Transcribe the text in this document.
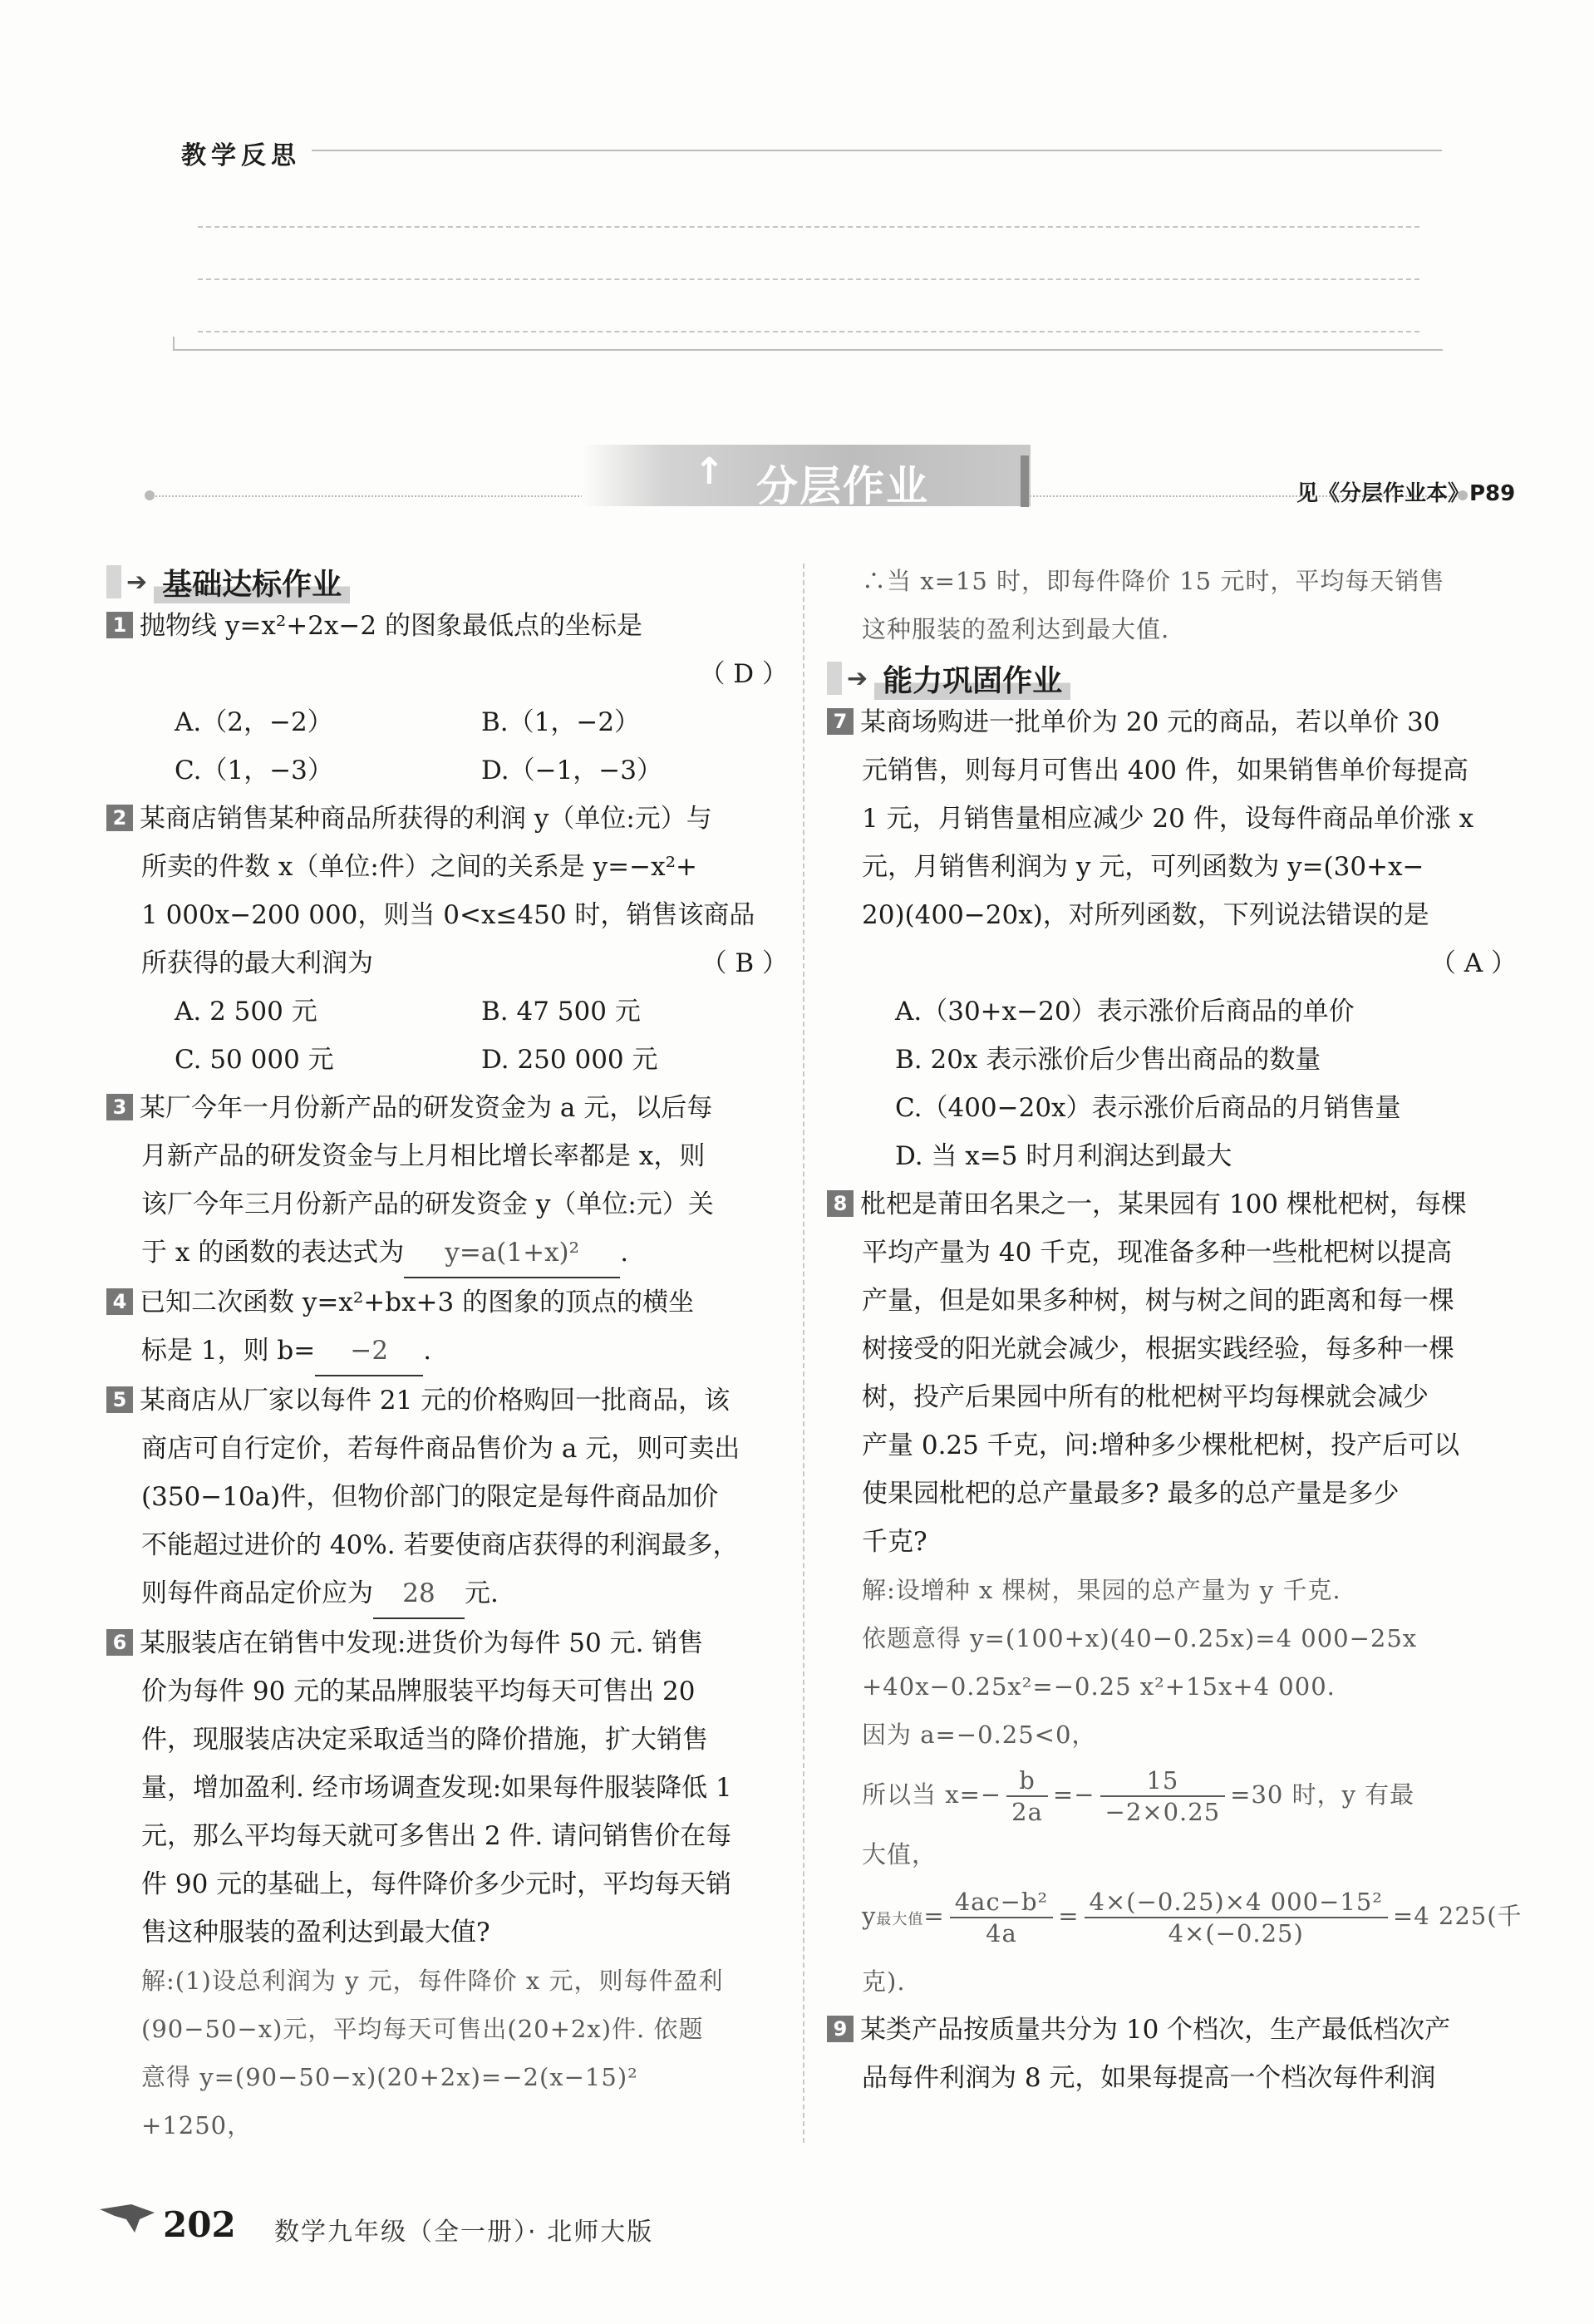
教学反思
↑ 分层作业	见《分层作业本》P89
➔ 基础达标作业
1 抛物线 y=x²+2x−2 的图象最低点的坐标是
（ D ）
A.（2，−2）	B.（1，−2）
C.（1，−3）	D.（−1，−3）
2 某商店销售某种商品所获得的利润 y（单位:元）与
所卖的件数 x（单位:件）之间的关系是 y=−x²+
1 000x−200 000，则当 0<x≤450 时，销售该商品
所获得的最大利润为	（ B ）
A. 2 500 元	B. 47 500 元
C. 50 000 元	D. 250 000 元
3 某厂今年一月份新产品的研发资金为 a 元，以后每
月新产品的研发资金与上月相比增长率都是 x，则
该厂今年三月份新产品的研发资金 y（单位:元）关
于 x 的函数的表达式为 y=a(1+x)² .
4 已知二次函数 y=x²+bx+3 的图象的顶点的横坐
标是 1，则 b= −2 .
5 某商店从厂家以每件 21 元的价格购回一批商品，该
商店可自行定价，若每件商品售价为 a 元，则可卖出
(350−10a)件，但物价部门的限定是每件商品加价
不能超过进价的 40%. 若要使商店获得的利润最多，
则每件商品定价应为 28 元.
6 某服装店在销售中发现:进货价为每件 50 元. 销售
价为每件 90 元的某品牌服装平均每天可售出 20
件，现服装店决定采取适当的降价措施，扩大销售
量，增加盈利. 经市场调查发现:如果每件服装降低 1
元，那么平均每天就可多售出 2 件. 请问销售价在每
件 90 元的基础上，每件降价多少元时，平均每天销
售这种服装的盈利达到最大值?
解:(1)设总利润为 y 元，每件降价 x 元，则每件盈利
(90−50−x)元，平均每天可售出(20+2x)件. 依题
意得 y=(90−50−x)(20+2x)=−2(x−15)²
+1250，
∴当 x=15 时，即每件降价 15 元时，平均每天销售
这种服装的盈利达到最大值.
➔ 能力巩固作业
7 某商场购进一批单价为 20 元的商品，若以单价 30
元销售，则每月可售出 400 件，如果销售单价每提高
1 元，月销售量相应减少 20 件，设每件商品单价涨 x
元，月销售利润为 y 元，可列函数为 y=(30+x−
20)(400−20x)，对所列函数，下列说法错误的是
（ A ）
A.（30+x−20）表示涨价后商品的单价
B. 20x 表示涨价后少售出商品的数量
C.（400−20x）表示涨价后商品的月销售量
D. 当 x=5 时月利润达到最大
8 枇杷是莆田名果之一，某果园有 100 棵枇杷树，每棵
平均产量为 40 千克，现准备多种一些枇杷树以提高
产量，但是如果多种树，树与树之间的距离和每一棵
树接受的阳光就会减少，根据实践经验，每多种一棵
树，投产后果园中所有的枇杷树平均每棵就会减少
产量 0.25 千克，问:增种多少棵枇杷树，投产后可以
使果园枇杷的总产量最多? 最多的总产量是多少
千克?
解:设增种 x 棵树，果园的总产量为 y 千克.
依题意得 y=(100+x)(40−0.25x)=4 000−25x
+40x−0.25x²=−0.25 x²+15x+4 000.
因为 a=−0.25<0，
所以当 $x=- \frac{b}{2a} =- \frac{15}{-2\times 0.25} =30$ 时，y 有最
大值，
y最大值= $\frac{\text{4ac−b²}}{4a} = \frac{\text{4×(−0.25)×4 000−15²}}{4\times(-0.25)} =4$ 225(千
克).
9 某类产品按质量共分为 10 个档次，生产最低档次产
品每件利润为 8 元，如果每提高一个档次每件利润
202 数学九年级（全一册）· 北师大版
